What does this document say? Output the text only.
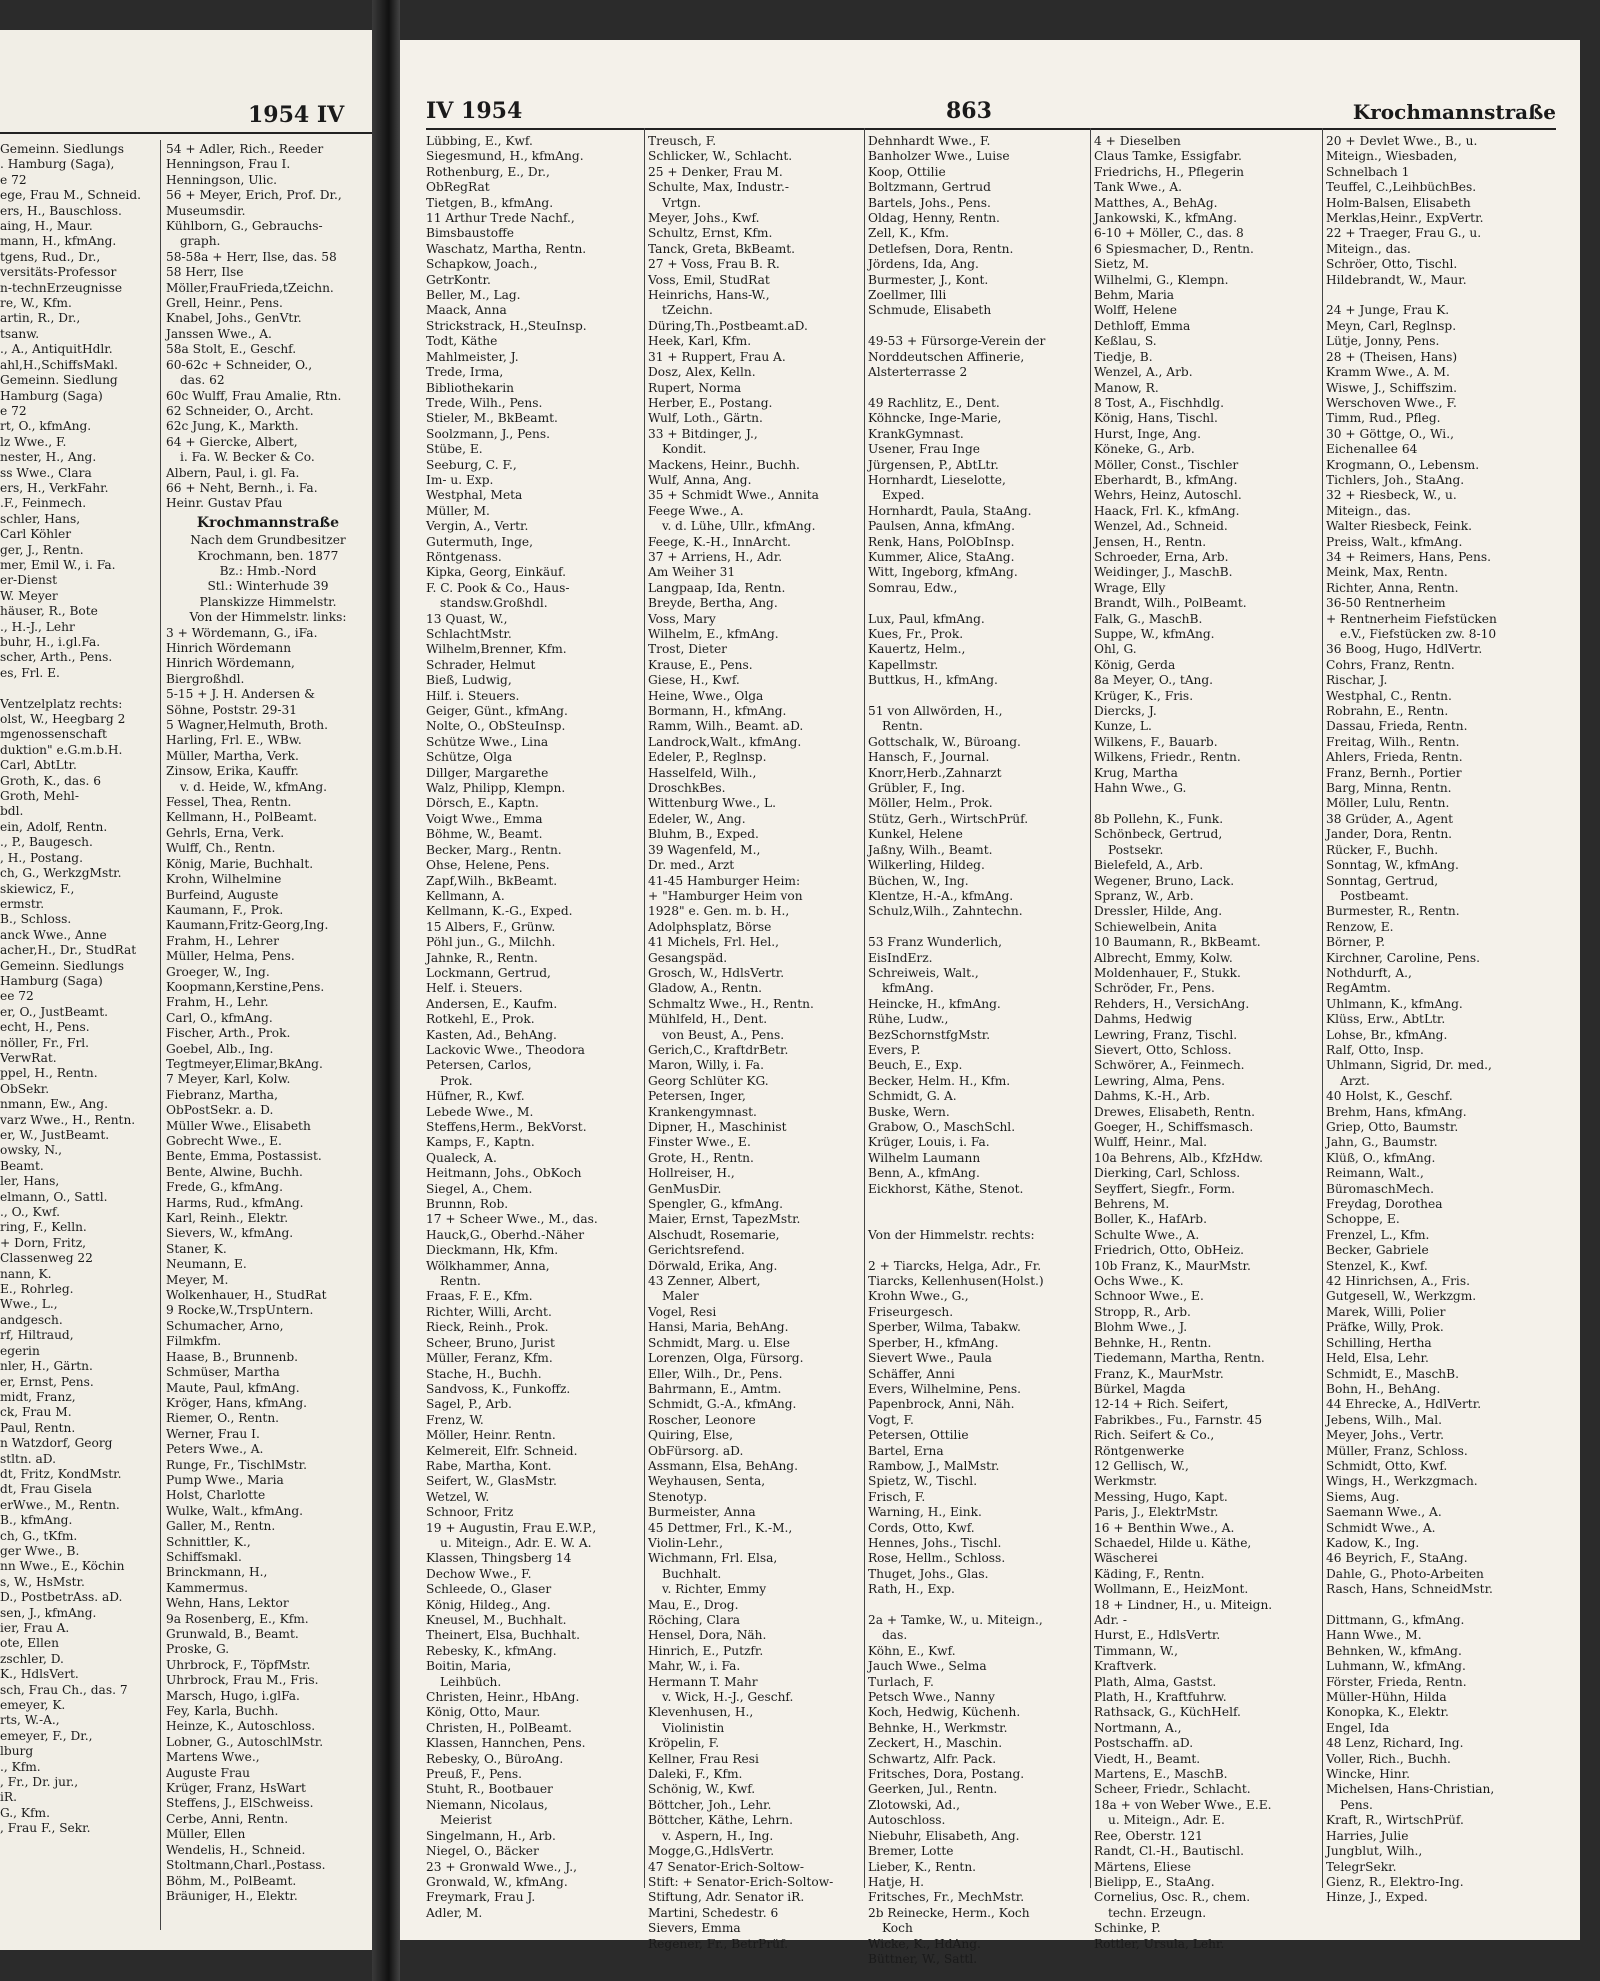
1954 IV
Gemeinn. Siedlungs
. Hamburg (Saga),
e 72
ege, Frau M., Schneid.
ers, H., Bauschloss.
aing, H., Maur.
mann, H., kfmAng.
tgens, Rud., Dr.,
versitäts-Professor
n-technErzeugnisse
re, W., Kfm.
artin, R., Dr.,
tsanw.
., A., AntiquitHdlr.
ahl,H.,SchiffsMakl.
Gemeinn. Siedlung
Hamburg (Saga)
e 72
rt, O., kfmAng.
lz Wwe., F.
nester, H., Ang.
ss Wwe., Clara
ers, H., VerkFahr.
.F., Feinmech.
schler, Hans,
Carl Köhler
ger, J., Rentn.
mer, Emil W., i. Fa.
er-Dienst
W. Meyer
häuser, R., Bote
., H.-J., Lehr
buhr, H., i.gl.Fa.
scher, Arth., Pens.
es, Frl. E.

Ventzelplatz rechts:
olst, W., Heegbarg 2
mgenossenschaft
duktion" e.G.m.b.H.
Carl, AbtLtr.
Groth, K., das. 6
Groth, Mehl-
bdl.
ein, Adolf, Rentn.
., P., Baugesch.
, H., Postang.
ch, G., WerkzgMstr.
skiewicz, F.,
ermstr.
B., Schloss.
anck Wwe., Anne
acher,H., Dr., StudRat
Gemeinn. Siedlungs
Hamburg (Saga)
ee 72
er, O., JustBeamt.
echt, H., Pens.
nöller, Fr., Frl.
VerwRat.
ppel, H., Rentn.
ObSekr.
nmann, Ew., Ang.
varz Wwe., H., Rentn.
er, W., JustBeamt.
owsky, N.,
Beamt.
ler, Hans,
elmann, O., Sattl.
., O., Kwf.
ring, F., Kelln.
+ Dorn, Fritz,
Classenweg 22
nann, K.
E., Rohrleg.
Wwe., L.,
andgesch.
rf, Hiltraud,
egerin
nler, H., Gärtn.
er, Ernst, Pens.
midt, Franz,
ck, Frau M.
Paul, Rentn.
n Watzdorf, Georg
stltn. aD.
dt, Fritz, KondMstr.
dt, Frau Gisela
erWwe., M., Rentn.
B., kfmAng.
ch, G., tKfm.
ger Wwe., B.
nn Wwe., E., Köchin
s, W., HsMstr.
D., PostbetrAss. aD.
sen, J., kfmAng.
ier, Frau A.
ote, Ellen
zschler, D.
K., HdlsVert.
sch, Frau Ch., das. 7
emeyer, K.
rts, W.-A.,
emeyer, F., Dr.,
lburg
., Kfm.
, Fr., Dr. jur.,
iR.
G., Kfm.
, Frau F., Sekr.
54 + Adler, Rich., Reeder
Henningson, Frau I.
Henningson, Ulic.
56 + Meyer, Erich, Prof. Dr.,
Museumsdir.
Kühlborn, G., Gebrauchs-
graph.
58-58a + Herr, Ilse, das. 58
58 Herr, Ilse
Möller,FrauFrieda,tZeichn.
Grell, Heinr., Pens.
Knabel, Johs., GenVtr.
Janssen Wwe., A.
58a Stolt, E., Geschf.
60-62c + Schneider, O.,
das. 62
60c Wulff, Frau Amalie, Rtn.
62 Schneider, O., Archt.
62c Jung, K., Markth.
64 + Giercke, Albert,
i. Fa. W. Becker & Co.
Albern, Paul, i. gl. Fa.
66 + Neht, Bernh., i. Fa.
Heinr. Gustav Pfau
Krochmannstraße
Nach dem Grundbesitzer
Krochmann, ben. 1877
Bz.: Hmb.-Nord
Stl.: Winterhude 39
Planskizze Himmelstr.
Von der Himmelstr. links:
3 + Wördemann, G., iFa.
Hinrich Wördemann
Hinrich Wördemann,
Biergroßhdl.
5-15 + J. H. Andersen &
Söhne, Poststr. 29-31
5 Wagner,Helmuth, Broth.
Harling, Frl. E., WBw.
Müller, Martha, Verk.
Zinsow, Erika, Kauffr.
v. d. Heide, W., kfmAng.
Fessel, Thea, Rentn.
Kellmann, H., PolBeamt.
Gehrls, Erna, Verk.
Wulff, Ch., Rentn.
König, Marie, Buchhalt.
Krohn, Wilhelmine
Burfeind, Auguste
Kaumann, F., Prok.
Kaumann,Fritz-Georg,Ing.
Frahm, H., Lehrer
Müller, Helma, Pens.
Groeger, W., Ing.
Koopmann,Kerstine,Pens.
Frahm, H., Lehr.
Carl, O., kfmAng.
Fischer, Arth., Prok.
Goebel, Alb., Ing.
Tegtmeyer,Elimar,BkAng.
7 Meyer, Karl, Kolw.
Fiebranz, Martha,
ObPostSekr. a. D.
Müller Wwe., Elisabeth
Gobrecht Wwe., E.
Bente, Emma, Postassist.
Bente, Alwine, Buchh.
Frede, G., kfmAng.
Harms, Rud., kfmAng.
Karl, Reinh., Elektr.
Sievers, W., kfmAng.
Staner, K.
Neumann, E.
Meyer, M.
Wolkenhauer, H., StudRat
9 Rocke,W.,TrspUntern.
Schumacher, Arno,
Filmkfm.
Haase, B., Brunnenb.
Schmüser, Martha
Maute, Paul, kfmAng.
Kröger, Hans, kfmAng.
Riemer, O., Rentn.
Werner, Frau I.
Peters Wwe., A.
Runge, Fr., TischlMstr.
Pump Wwe., Maria
Holst, Charlotte
Wulke, Walt., kfmAng.
Galler, M., Rentn.
Schnittler, K.,
Schiffsmakl.
Brinckmann, H.,
Kammermus.
Wehn, Hans, Lektor
9a Rosenberg, E., Kfm.
Grunwald, B., Beamt.
Proske, G.
Uhrbrock, F., TöpfMstr.
Uhrbrock, Frau M., Fris.
Marsch, Hugo, i.glFa.
Fey, Karla, Buchh.
Heinze, K., Autoschloss.
Lobner, G., AutoschlMstr.
Martens Wwe.,
Auguste Frau
Krüger, Franz, HsWart
Steffens, J., ElSchweiss.
Cerbe, Anni, Rentn.
Müller, Ellen
Wendelis, H., Schneid.
Stoltmann,Charl.,Postass.
Böhm, M., PolBeamt.
Bräuniger, H., Elektr.
IV 1954	863	Krochmannstraße
Lübbing, E., Kwf.
Siegesmund, H., kfmAng.
Rothenburg, E., Dr.,
ObRegRat
Tietgen, B., kfmAng.
11 Arthur Trede Nachf.,
Bimsbaustoffe
Waschatz, Martha, Rentn.
Schapkow, Joach.,
GetrKontr.
Beller, M., Lag.
Maack, Anna
Strickstrack, H.,SteuInsp.
Todt, Käthe
Mahlmeister, J.
Trede, Irma,
Bibliothekarin
Trede, Wilh., Pens.
Stieler, M., BkBeamt.
Soolzmann, J., Pens.
Stübe, E.
Seeburg, C. F.,
Im- u. Exp.
Westphal, Meta
Müller, M.
Vergin, A., Vertr.
Gutermuth, Inge,
Röntgenass.
Kipka, Georg, Einkäuf.
F. C. Pook & Co., Haus-
standsw.Großhdl.
13 Quast, W.,
SchlachtMstr.
Wilhelm,Brenner, Kfm.
Schrader, Helmut
Bieß, Ludwig,
Hilf. i. Steuers.
Geiger, Günt., kfmAng.
Nolte, O., ObSteuInsp.
Schütze Wwe., Lina
Schütze, Olga
Dillger, Margarethe
Walz, Philipp, Klempn.
Dörsch, E., Kaptn.
Voigt Wwe., Emma
Böhme, W., Beamt.
Becker, Marg., Rentn.
Ohse, Helene, Pens.
Zapf,Wilh., BkBeamt.
Kellmann, A.
Kellmann, K.-G., Exped.
15 Albers, F., Grünw.
Pöhl jun., G., Milchh.
Jahnke, R., Rentn.
Lockmann, Gertrud,
Helf. i. Steuers.
Andersen, E., Kaufm.
Rotkehl, E., Prok.
Kasten, Ad., BehAng.
Lackovic Wwe., Theodora
Petersen, Carlos,
Prok.
Hüfner, R., Kwf.
Lebede Wwe., M.
Steffens,Herm., BekVorst.
Kamps, F., Kaptn.
Qualeck, A.
Heitmann, Johs., ObKoch
Siegel, A., Chem.
Brunnn, Rob.
17 + Scheer Wwe., M., das.
Hauck,G., Oberhd.-Näher
Dieckmann, Hk, Kfm.
Wölkhammer, Anna,
Rentn.
Fraas, F. E., Kfm.
Richter, Willi, Archt.
Rieck, Reinh., Prok.
Scheer, Bruno, Jurist
Müller, Feranz, Kfm.
Stache, H., Buchh.
Sandvoss, K., Funkoffz.
Sagel, P., Arb.
Frenz, W.
Möller, Heinr. Rentn.
Kelmereit, Elfr. Schneid.
Rabe, Martha, Kont.
Seifert, W., GlasMstr.
Wetzel, W.
Schnoor, Fritz
19 + Augustin, Frau E.W.P.,
u. Miteign., Adr. E. W. A.
Klassen, Thingsberg 14
Dechow Wwe., F.
Schleede, O., Glaser
König, Hildeg., Ang.
Kneusel, M., Buchhalt.
Theinert, Elsa, Buchhalt.
Rebesky, K., kfmAng.
Boitin, Maria,
Leihbüch.
Christen, Heinr., HbAng.
König, Otto, Maur.
Christen, H., PolBeamt.
Klassen, Hannchen, Pens.
Rebesky, O., BüroAng.
Preuß, F., Pens.
Stuht, R., Bootbauer
Niemann, Nicolaus,
Meierist
Singelmann, H., Arb.
Niegel, O., Bäcker
23 + Gronwald Wwe., J.,
Gronwald, W., kfmAng.
Freymark, Frau J.
Adler, M.
Treusch, F.
Schlicker, W., Schlacht.
25 + Denker, Frau M.
Schulte, Max, Industr.-
Vrtgn.
Meyer, Johs., Kwf.
Schultz, Ernst, Kfm.
Tanck, Greta, BkBeamt.
27 + Voss, Frau B. R.
Voss, Emil, StudRat
Heinrichs, Hans-W.,
tZeichn.
Düring,Th.,Postbeamt.aD.
Heek, Karl, Kfm.
31 + Ruppert, Frau A.
Dosz, Alex, Kelln.
Rupert, Norma
Herber, E., Postang.
Wulf, Loth., Gärtn.
33 + Bitdinger, J.,
Kondit.
Mackens, Heinr., Buchh.
Wulf, Anna, Ang.
35 + Schmidt Wwe., Annita
Feege Wwe., A.
v. d. Lühe, Ullr., kfmAng.
Feege, K.-H., InnArcht.
37 + Arriens, H., Adr.
Am Weiher 31
Langpaap, Ida, Rentn.
Breyde, Bertha, Ang.
Voss, Mary
Wilhelm, E., kfmAng.
Trost, Dieter
Krause, E., Pens.
Giese, H., Kwf.
Heine, Wwe., Olga
Bormann, H., kfmAng.
Ramm, Wilh., Beamt. aD.
Landrock,Walt., kfmAng.
Edeler, P., Reglnsp.
Hasselfeld, Wilh.,
DroschkBes.
Wittenburg Wwe., L.
Edeler, W., Ang.
Bluhm, B., Exped.
39 Wagenfeld, M.,
Dr. med., Arzt
41-45 Hamburger Heim:
+ "Hamburger Heim von
1928" e. Gen. m. b. H.,
Adolphsplatz, Börse
41 Michels, Frl. Hel.,
Gesangspäd.
Grosch, W., HdlsVertr.
Gladow, A., Rentn.
Schmaltz Wwe., H., Rentn.
Mühlfeld, H., Dent.
von Beust, A., Pens.
Gerich,C., KraftdrBetr.
Maron, Willy, i. Fa.
Georg Schlüter KG.
Petersen, Inger,
Krankengymnast.
Dipner, H., Maschinist
Finster Wwe., E.
Grote, H., Rentn.
Hollreiser, H.,
GenMusDir.
Spengler, G., kfmAng.
Maier, Ernst, TapezMstr.
Alschudt, Rosemarie,
Gerichtsrefend.
Dörwald, Erika, Ang.
43 Zenner, Albert,
Maler
Vogel, Resi
Hansi, Maria, BehAng.
Schmidt, Marg. u. Else
Lorenzen, Olga, Fürsorg.
Eller, Wilh., Dr., Pens.
Bahrmann, E., Amtm.
Schmidt, G.-A., kfmAng.
Roscher, Leonore
Quiring, Else,
ObFürsorg. aD.
Assmann, Elsa, BehAng.
Weyhausen, Senta,
Stenotyp.
Burmeister, Anna
45 Dettmer, Frl., K.-M.,
Violin-Lehr.,
Wichmann, Frl. Elsa,
Buchhalt.
v. Richter, Emmy
Mau, E., Drog.
Röching, Clara
Hensel, Dora, Näh.
Hinrich, E., Putzfr.
Mahr, W., i. Fa.
Hermann T. Mahr
v. Wick, H.-J., Geschf.
Klevenhusen, H.,
Violinistin
Kröpelin, F.
Kellner, Frau Resi
Daleki, F., Kfm.
Schönig, W., Kwf.
Böttcher, Joh., Lehr.
Böttcher, Käthe, Lehrn.
v. Aspern, H., Ing.
Mogge,G.,HdlsVertr.
47 Senator-Erich-Soltow-
Stift: + Senator-Erich-Soltow-
Stiftung, Adr. Senator iR.
Martini, Schedestr. 6
Sievers, Emma
Regener, Fr., BetrPrüf.
Dehnhardt Wwe., F.
Banholzer Wwe., Luise
Koop, Ottilie
Boltzmann, Gertrud
Bartels, Johs., Pens.
Oldag, Henny, Rentn.
Zell, K., Kfm.
Detlefsen, Dora, Rentn.
Jördens, Ida, Ang.
Burmester, J., Kont.
Zoellmer, Illi
Schmude, Elisabeth

49-53 + Fürsorge-Verein der
Norddeutschen Affinerie,
Alsterterrasse 2

49 Rachlitz, E., Dent.
Köhncke, Inge-Marie,
KrankGymnast.
Usener, Frau Inge
Jürgensen, P., AbtLtr.
Hornhardt, Lieselotte,
Exped.
Hornhardt, Paula, StaAng.
Paulsen, Anna, kfmAng.
Renk, Hans, PolObInsp.
Kummer, Alice, StaAng.
Witt, Ingeborg, kfmAng.
Somrau, Edw.,

Lux, Paul, kfmAng.
Kues, Fr., Prok.
Kauertz, Helm.,
Kapellmstr.
Buttkus, H., kfmAng.

51 von Allwörden, H.,
Rentn.
Gottschalk, W., Büroang.
Hansch, F., Journal.
Knorr,Herb.,Zahnarzt
Grübler, F., Ing.
Möller, Helm., Prok.
Stütz, Gerh., WirtschPrüf.
Kunkel, Helene
Jaßny, Wilh., Beamt.
Wilkerling, Hildeg.
Büchen, W., Ing.
Klentze, H.-A., kfmAng.
Schulz,Wilh., Zahntechn.

53 Franz Wunderlich,
EisIndErz.
Schreiweis, Walt.,
kfmAng.
Heincke, H., kfmAng.
Rühe, Ludw.,
BezSchornstfgMstr.
Evers, P.
Beuch, E., Exp.
Becker, Helm. H., Kfm.
Schmidt, G. A.
Buske, Wern.
Grabow, O., MaschSchl.
Krüger, Louis, i. Fa.
Wilhelm Laumann
Benn, A., kfmAng.
Eickhorst, Käthe, Stenot.

Von der Himmelstr. rechts:

2 + Tiarcks, Helga, Adr., Fr.
Tiarcks, Kellenhusen(Holst.)
Krohn Wwe., G.,
Friseurgesch.
Sperber, Wilma, Tabakw.
Sperber, H., kfmAng.
Sievert Wwe., Paula
Schäffer, Anni
Evers, Wilhelmine, Pens.
Papenbrock, Anni, Näh.
Vogt, F.
Petersen, Ottilie
Bartel, Erna
Rambow, J., MalMstr.
Spietz, W., Tischl.
Frisch, F.
Warning, H., Eink.
Cords, Otto, Kwf.
Hennes, Johs., Tischl.
Rose, Hellm., Schloss.
Thuget, Johs., Glas.
Rath, H., Exp.

2a + Tamke, W., u. Miteign.,
das.
Köhn, E., Kwf.
Jauch Wwe., Selma
Turlach, F.
Petsch Wwe., Nanny
Koch, Hedwig, Küchenh.
Behnke, H., Werkmstr.
Zeckert, H., Maschin.
Schwartz, Alfr. Pack.
Fritsches, Dora, Postang.
Geerken, Jul., Rentn.
Zlotowski, Ad.,
Autoschloss.
Niebuhr, Elisabeth, Ang.
Bremer, Lotte
Lieber, K., Rentn.
Hatje, H.
Fritsches, Fr., MechMstr.
2b Reinecke, Herm., Koch
Koch
Wicke, K., HdAng.
Büttner, W., Sattl.
4 + Dieselben
Claus Tamke, Essigfabr.
Friedrichs, H., Pflegerin
Tank Wwe., A.
Matthes, A., BehAg.
Jankowski, K., kfmAng.
6-10 + Möller, C., das. 8
6 Spiesmacher, D., Rentn.
Sietz, M.
Wilhelmi, G., Klempn.
Behm, Maria
Wolff, Helene
Dethloff, Emma
Keßlau, S.
Tiedje, B.
Wenzel, A., Arb.
Manow, R.
8 Tost, A., Fischhdlg.
König, Hans, Tischl.
Hurst, Inge, Ang.
Köneke, G., Arb.
Möller, Const., Tischler
Eberhardt, B., kfmAng.
Wehrs, Heinz, Autoschl.
Haack, Frl. K., kfmAng.
Wenzel, Ad., Schneid.
Jensen, H., Rentn.
Schroeder, Erna, Arb.
Weidinger, J., MaschB.
Wrage, Elly
Brandt, Wilh., PolBeamt.
Falk, G., MaschB.
Suppe, W., kfmAng.
Ohl, G.
König, Gerda
8a Meyer, O., tAng.
Krüger, K., Fris.
Diercks, J.
Kunze, L.
Wilkens, F., Bauarb.
Wilkens, Friedr., Rentn.
Krug, Martha
Hahn Wwe., G.

8b Pollehn, K., Funk.
Schönbeck, Gertrud,
Postsekr.
Bielefeld, A., Arb.
Wegener, Bruno, Lack.
Spranz, W., Arb.
Dressler, Hilde, Ang.
Schiewelbein, Anita
10 Baumann, R., BkBeamt.
Albrecht, Emmy, Kolw.
Moldenhauer, F., Stukk.
Schröder, Fr., Pens.
Rehders, H., VersichAng.
Dahms, Hedwig
Lewring, Franz, Tischl.
Sievert, Otto, Schloss.
Schwörer, A., Feinmech.
Lewring, Alma, Pens.
Dahms, K.-H., Arb.
Drewes, Elisabeth, Rentn.
Goeger, H., Schiffsmasch.
Wulff, Heinr., Mal.
10a Behrens, Alb., KfzHdw.
Dierking, Carl, Schloss.
Seyffert, Siegfr., Form.
Behrens, M.
Boller, K., HafArb.
Schulte Wwe., A.
Friedrich, Otto, ObHeiz.
10b Franz, K., MaurMstr.
Ochs Wwe., K.
Schnoor Wwe., E.
Stropp, R., Arb.
Blohm Wwe., J.
Behnke, H., Rentn.
Tiedemann, Martha, Rentn.
Franz, K., MaurMstr.
Bürkel, Magda
12-14 + Rich. Seifert,
Fabrikbes., Fu., Farnstr. 45
Rich. Seifert & Co.,
Röntgenwerke
12 Gellisch, W.,
Werkmstr.
Messing, Hugo, Kapt.
Paris, J., ElektrMstr.
16 + Benthin Wwe., A.
Schaedel, Hilde u. Käthe,
Wäscherei
Käding, F., Rentn.
Wollmann, E., HeizMont.
18 + Lindner, H., u. Miteign.
Adr. -
Hurst, E., HdlsVertr.
Timmann, W.,
Kraftverk.
Plath, Alma, Gastst.
Plath, H., Kraftfuhrw.
Rathsack, G., KüchHelf.
Nortmann, A.,
Postschaffn. aD.
Viedt, H., Beamt.
Martens, E., MaschB.
Scheer, Friedr., Schlacht.
18a + von Weber Wwe., E.E.
u. Miteign., Adr. E.
Ree, Oberstr. 121
Randt, Cl.-H., Bautischl.
Märtens, Eliese
Bielipp, E., StaAng.
Cornelius, Osc. R., chem.
techn. Erzeugn.
Schinke, P.
Rottler, Ursula, Lehr.
20 + Devlet Wwe., B., u.
Miteign., Wiesbaden,
Schnelbach 1
Teuffel, C.,LeihbüchBes.
Holm-Balsen, Elisabeth
Merklas,Heinr., ExpVertr.
22 + Traeger, Frau G., u.
Miteign., das.
Schröer, Otto, Tischl.
Hildebrandt, W., Maur.

24 + Junge, Frau K.
Meyn, Carl, Reglnsp.
Lütje, Jonny, Pens.
28 + (Theisen, Hans)
Kramm Wwe., A. M.
Wiswe, J., Schiffszim.
Werschoven Wwe., F.
Timm, Rud., Pfleg.
30 + Göttge, O., Wi.,
Eichenallee 64
Krogmann, O., Lebensm.
Tichlers, Joh., StaAng.
32 + Riesbeck, W., u.
Miteign., das.
Walter Riesbeck, Feink.
Preiss, Walt., kfmAng.
34 + Reimers, Hans, Pens.
Meink, Max, Rentn.
Richter, Anna, Rentn.
36-50 Rentnerheim
+ Rentnerheim Fiefstücken
e.V., Fiefstücken zw. 8-10
36 Boog, Hugo, HdlVertr.
Cohrs, Franz, Rentn.
Rischar, J.
Westphal, C., Rentn.
Robrahn, E., Rentn.
Dassau, Frieda, Rentn.
Freitag, Wilh., Rentn.
Ahlers, Frieda, Rentn.
Franz, Bernh., Portier
Barg, Minna, Rentn.
Möller, Lulu, Rentn.
38 Grüder, A., Agent
Jander, Dora, Rentn.
Rücker, F., Buchh.
Sonntag, W., kfmAng.
Sonntag, Gertrud,
Postbeamt.
Burmester, R., Rentn.
Renzow, E.
Börner, P.
Kirchner, Caroline, Pens.
Nothdurft, A.,
RegAmtm.
Uhlmann, K., kfmAng.
Klüss, Erw., AbtLtr.
Lohse, Br., kfmAng.
Ralf, Otto, Insp.
Uhlmann, Sigrid, Dr. med.,
Arzt.
40 Holst, K., Geschf.
Brehm, Hans, kfmAng.
Griep, Otto, Baumstr.
Jahn, G., Baumstr.
Klüß, O., kfmAng.
Reimann, Walt.,
BüromaschMech.
Freydag, Dorothea
Schoppe, E.
Frenzel, L., Kfm.
Becker, Gabriele
Stenzel, K., Kwf.
42 Hinrichsen, A., Fris.
Gutgesell, W., Werkzgm.
Marek, Willi, Polier
Präfke, Willy, Prok.
Schilling, Hertha
Held, Elsa, Lehr.
Schmidt, E., MaschB.
Bohn, H., BehAng.
44 Ehrecke, A., HdlVertr.
Jebens, Wilh., Mal.
Meyer, Johs., Vertr.
Müller, Franz, Schloss.
Schmidt, Otto, Kwf.
Wings, H., Werkzgmach.
Siems, Aug.
Saemann Wwe., A.
Schmidt Wwe., A.
Kadow, K., Ing.
46 Beyrich, F., StaAng.
Dahle, G., Photo-Arbeiten
Rasch, Hans, SchneidMstr.

Dittmann, G., kfmAng.
Hann Wwe., M.
Behnken, W., kfmAng.
Luhmann, W., kfmAng.
Förster, Frieda, Rentn.
Müller-Hühn, Hilda
Konopka, K., Elektr.
Engel, Ida
48 Lenz, Richard, Ing.
Voller, Rich., Buchh.
Wincke, Hinr.
Michelsen, Hans-Christian,
Pens.
Kraft, R., WirtschPrüf.
Harries, Julie
Jungblut, Wilh.,
TelegrSekr.
Gienz, R., Elektro-Ing.
Hinze, J., Exped.
